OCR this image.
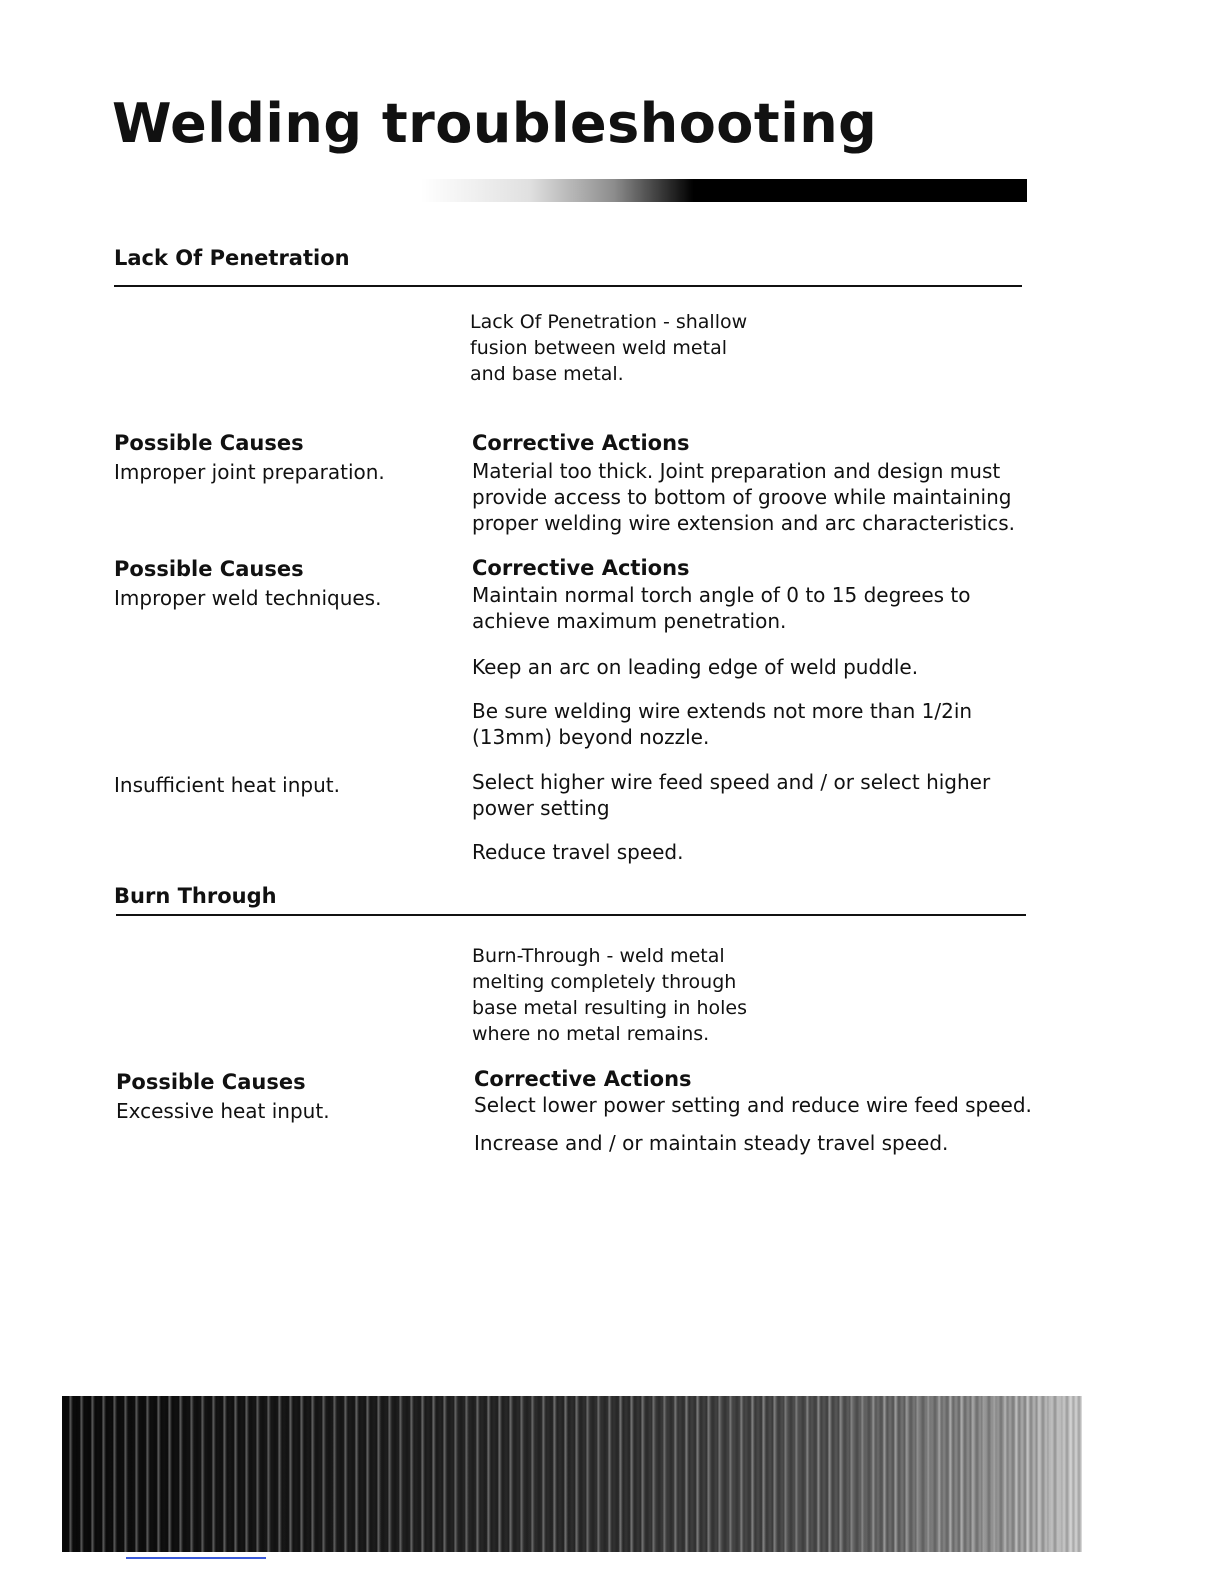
Welding troubleshooting
Lack Of Penetration

Lack Of Penetration - shallow

fusion between weld metal

and base metal.

Possible Causes

Improper joint preparation.

Corrective Actions

Material too thick. Joint preparation and design must provide access to bottom of groove while maintaining proper welding wire extension and arc characteristics.

Possible Causes

Improper weld techniques.

Corrective Actions

Maintain normal torch angle of 0 to 15 degrees to achieve maximum penetration.

Keep an arc on leading edge of weld puddle.

Be sure welding wire extends not more than 1/2in (13mm) beyond nozzle.

Insufficient heat input.	Select higher wire feed speed and / or select higher power setting

Reduce travel speed.

Burn Through

Burn-Through - weld metal

melting completely through

base metal resulting in holes

where no metal remains.

Possible Causes

Excessive heat input.

Corrective Actions

Select lower power setting and reduce wire feed speed.

Increase and / or maintain steady travel speed.
